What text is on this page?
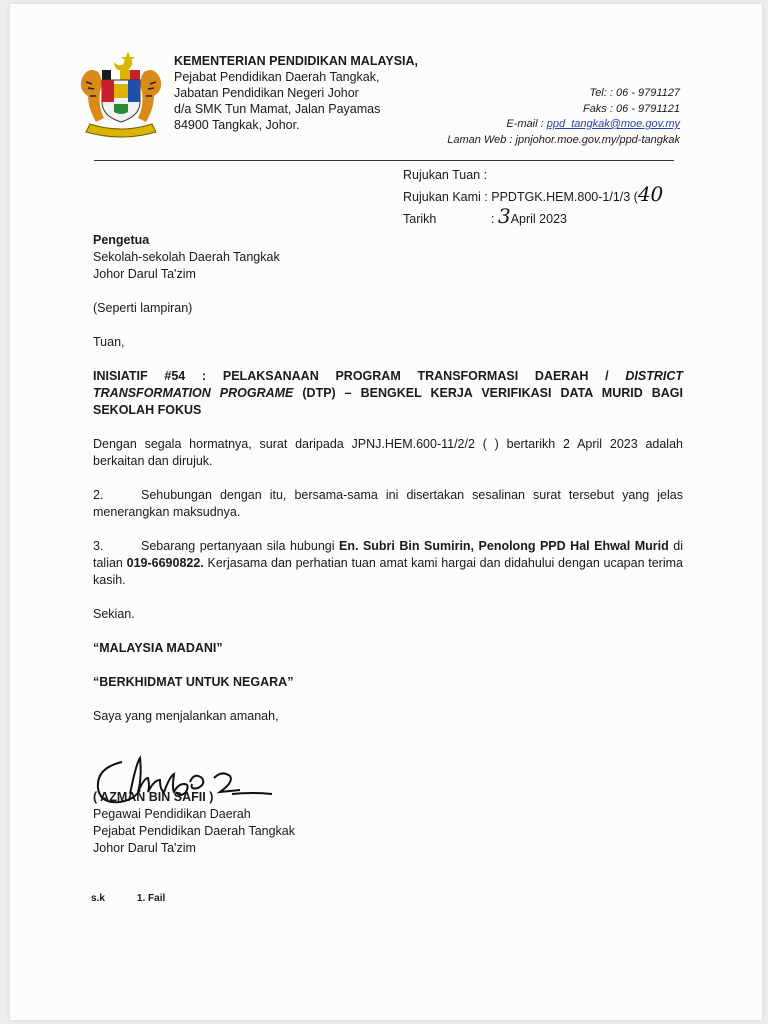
KEMENTERIAN PENDIDIKAN MALAYSIA,
Pejabat Pendidikan Daerah Tangkak,
Jabatan Pendidikan Negeri Johor
d/a SMK Tun Mamat, Jalan Payamas
84900 Tangkak, Johor.
Tel: : 06 - 9791127
Faks : 06 - 9791121
E-mail : ppd_tangkak@moe.gov.my
Laman Web : jpnjohor.moe.gov.my/ppd-tangkak
Rujukan Tuan :
Rujukan Kami : PPDTGK.HEM.800-1/1/3 (40
Tarikh	: 3April 2023

Pengetua

Sekolah-sekolah Daerah Tangkak

Johor Darul Ta'zim

(Seperti lampiran)

Tuan,

INISIATIF #54 : PELAKSANAAN PROGRAM TRANSFORMASI DAERAH / DISTRICT TRANSFORMATION PROGRAME (DTP) – BENGKEL KERJA VERIFIKASI DATA MURID BAGI SEKOLAH FOKUS

Dengan segala hormatnya, surat daripada JPNJ.HEM.600-11/2/2 ( ) bertarikh 2 April 2023 adalah berkaitan dan dirujuk.

2.	Sehubungan dengan itu, bersama-sama ini disertakan sesalinan surat tersebut yang jelas menerangkan maksudnya.

3.	Sebarang pertanyaan sila hubungi En. Subri Bin Sumirin, Penolong PPD Hal Ehwal Murid di talian 019-6690822. Kerjasama dan perhatian tuan amat kami hargai dan didahului dengan ucapan terima kasih.

Sekian.

“MALAYSIA MADANI”

“BERKHIDMAT UNTUK NEGARA”

Saya yang menjalankan amanah,

( AZMAN BIN SAFII )

Pegawai Pendidikan Daerah

Pejabat Pendidikan Daerah Tangkak

Johor Darul Ta'zim

s.k	1. Fail
